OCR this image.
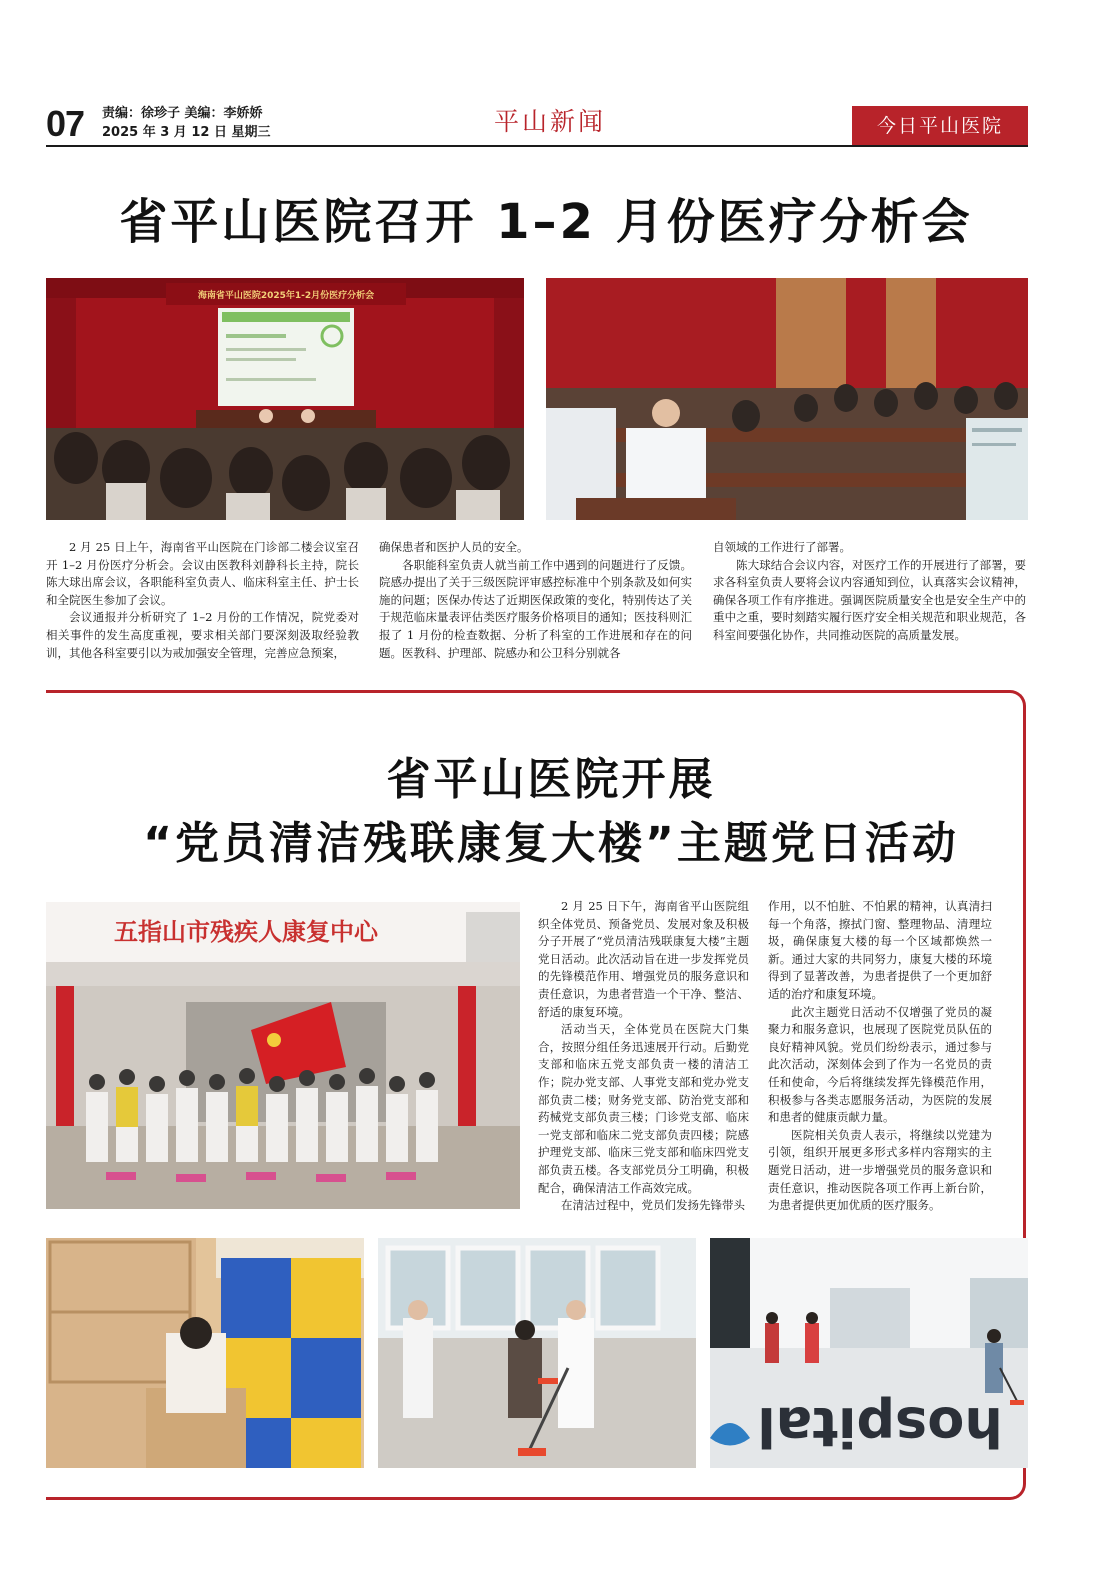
07 责编：徐珍子 美编：李娇娇
2025 年 3 月 12 日 星期三	平山新闻	今日平山医院
省平山医院召开 1–2 月份医疗分析会
海南省平山医院2025年1-2月份医疗分析会

2 月 25 日上午，海南省平山医院在门诊部二楼会议室召开 1–2 月份医疗分析会。会议由医教科刘静科长主持，院长陈大球出席会议，各职能科室负责人、临床科室主任、护士长和全院医生参加了会议。

会议通报并分析研究了 1–2 月份的工作情况，院党委对相关事件的发生高度重视，要求相关部门要深刻汲取经验教训，其他各科室要引以为戒加强安全管理，完善应急预案，

确保患者和医护人员的安全。

各职能科室负责人就当前工作中遇到的问题进行了反馈。院感办提出了关于三级医院评审感控标准中个别条款及如何实施的问题；医保办传达了近期医保政策的变化，特别传达了关于规范临床量表评估类医疗服务价格项目的通知；医技科则汇报了 1 月份的检查数据、分析了科室的工作进展和存在的问题。医教科、护理部、院感办和公卫科分别就各

自领域的工作进行了部署。

陈大球结合会议内容，对医疗工作的开展进行了部署，要求各科室负责人要将会议内容通知到位，认真落实会议精神，确保各项工作有序推进。强调医院质量安全也是安全生产中的重中之重，要时刻踏实履行医疗安全相关规范和职业规范，各科室间要强化协作，共同推动医院的高质量发展。

省平山医院开展
“党员清洁残联康复大楼”主题党日活动
五指山市残疾人康复中心

2 月 25 日下午，海南省平山医院组织全体党员、预备党员、发展对象及积极分子开展了“党员清洁残联康复大楼”主题党日活动。此次活动旨在进一步发挥党员的先锋模范作用、增强党员的服务意识和责任意识，为患者营造一个干净、整洁、舒适的康复环境。

活动当天，全体党员在医院大门集合，按照分组任务迅速展开行动。后勤党支部和临床五党支部负责一楼的清洁工作；院办党支部、人事党支部和党办党支部负责二楼；财务党支部、防治党支部和药械党支部负责三楼；门诊党支部、临床一党支部和临床二党支部负责四楼；院感护理党支部、临床三党支部和临床四党支部负责五楼。各支部党员分工明确，积极配合，确保清洁工作高效完成。

在清洁过程中，党员们发扬先锋带头

作用，以不怕脏、不怕累的精神，认真清扫每一个角落，擦拭门窗、整理物品、清理垃圾，确保康复大楼的每一个区域都焕然一新。通过大家的共同努力，康复大楼的环境得到了显著改善，为患者提供了一个更加舒适的治疗和康复环境。

此次主题党日活动不仅增强了党员的凝聚力和服务意识，也展现了医院党员队伍的良好精神风貌。党员们纷纷表示，通过参与此次活动，深刻体会到了作为一名党员的责任和使命，今后将继续发挥先锋模范作用，积极参与各类志愿服务活动，为医院的发展和患者的健康贡献力量。

医院相关负责人表示，将继续以党建为引领，组织开展更多形式多样内容翔实的主题党日活动，进一步增强党员的服务意识和责任意识，推动医院各项工作再上新台阶，为患者提供更加优质的医疗服务。

hospital
